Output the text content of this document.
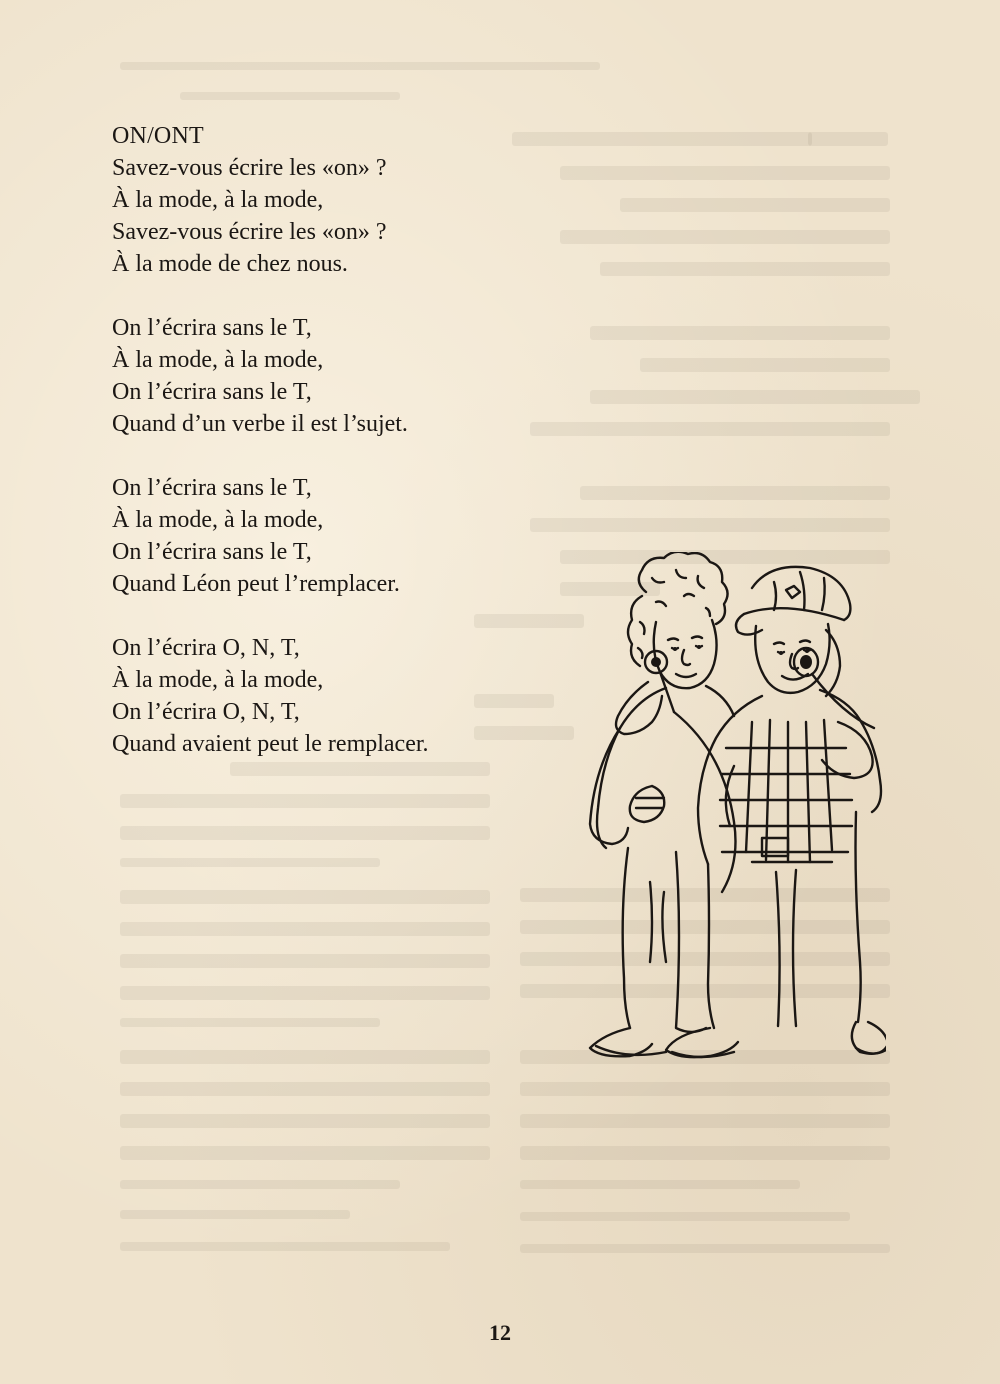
ON/ONT
Savez-vous écrire les «on» ?
À la mode, à la mode,
Savez-vous écrire les «on» ?
À la mode de chez nous.
On l’écrira sans le T,
À la mode, à la mode,
On l’écrira sans le T,
Quand d’un verbe il est l’sujet.
On l’écrira sans le T,
À la mode, à la mode,
On l’écrira sans le T,
Quand Léon peut l’remplacer.
On l’écrira O, N, T,
À la mode, à la mode,
On l’écrira O, N, T,
Quand avaient peut le remplacer.
12
